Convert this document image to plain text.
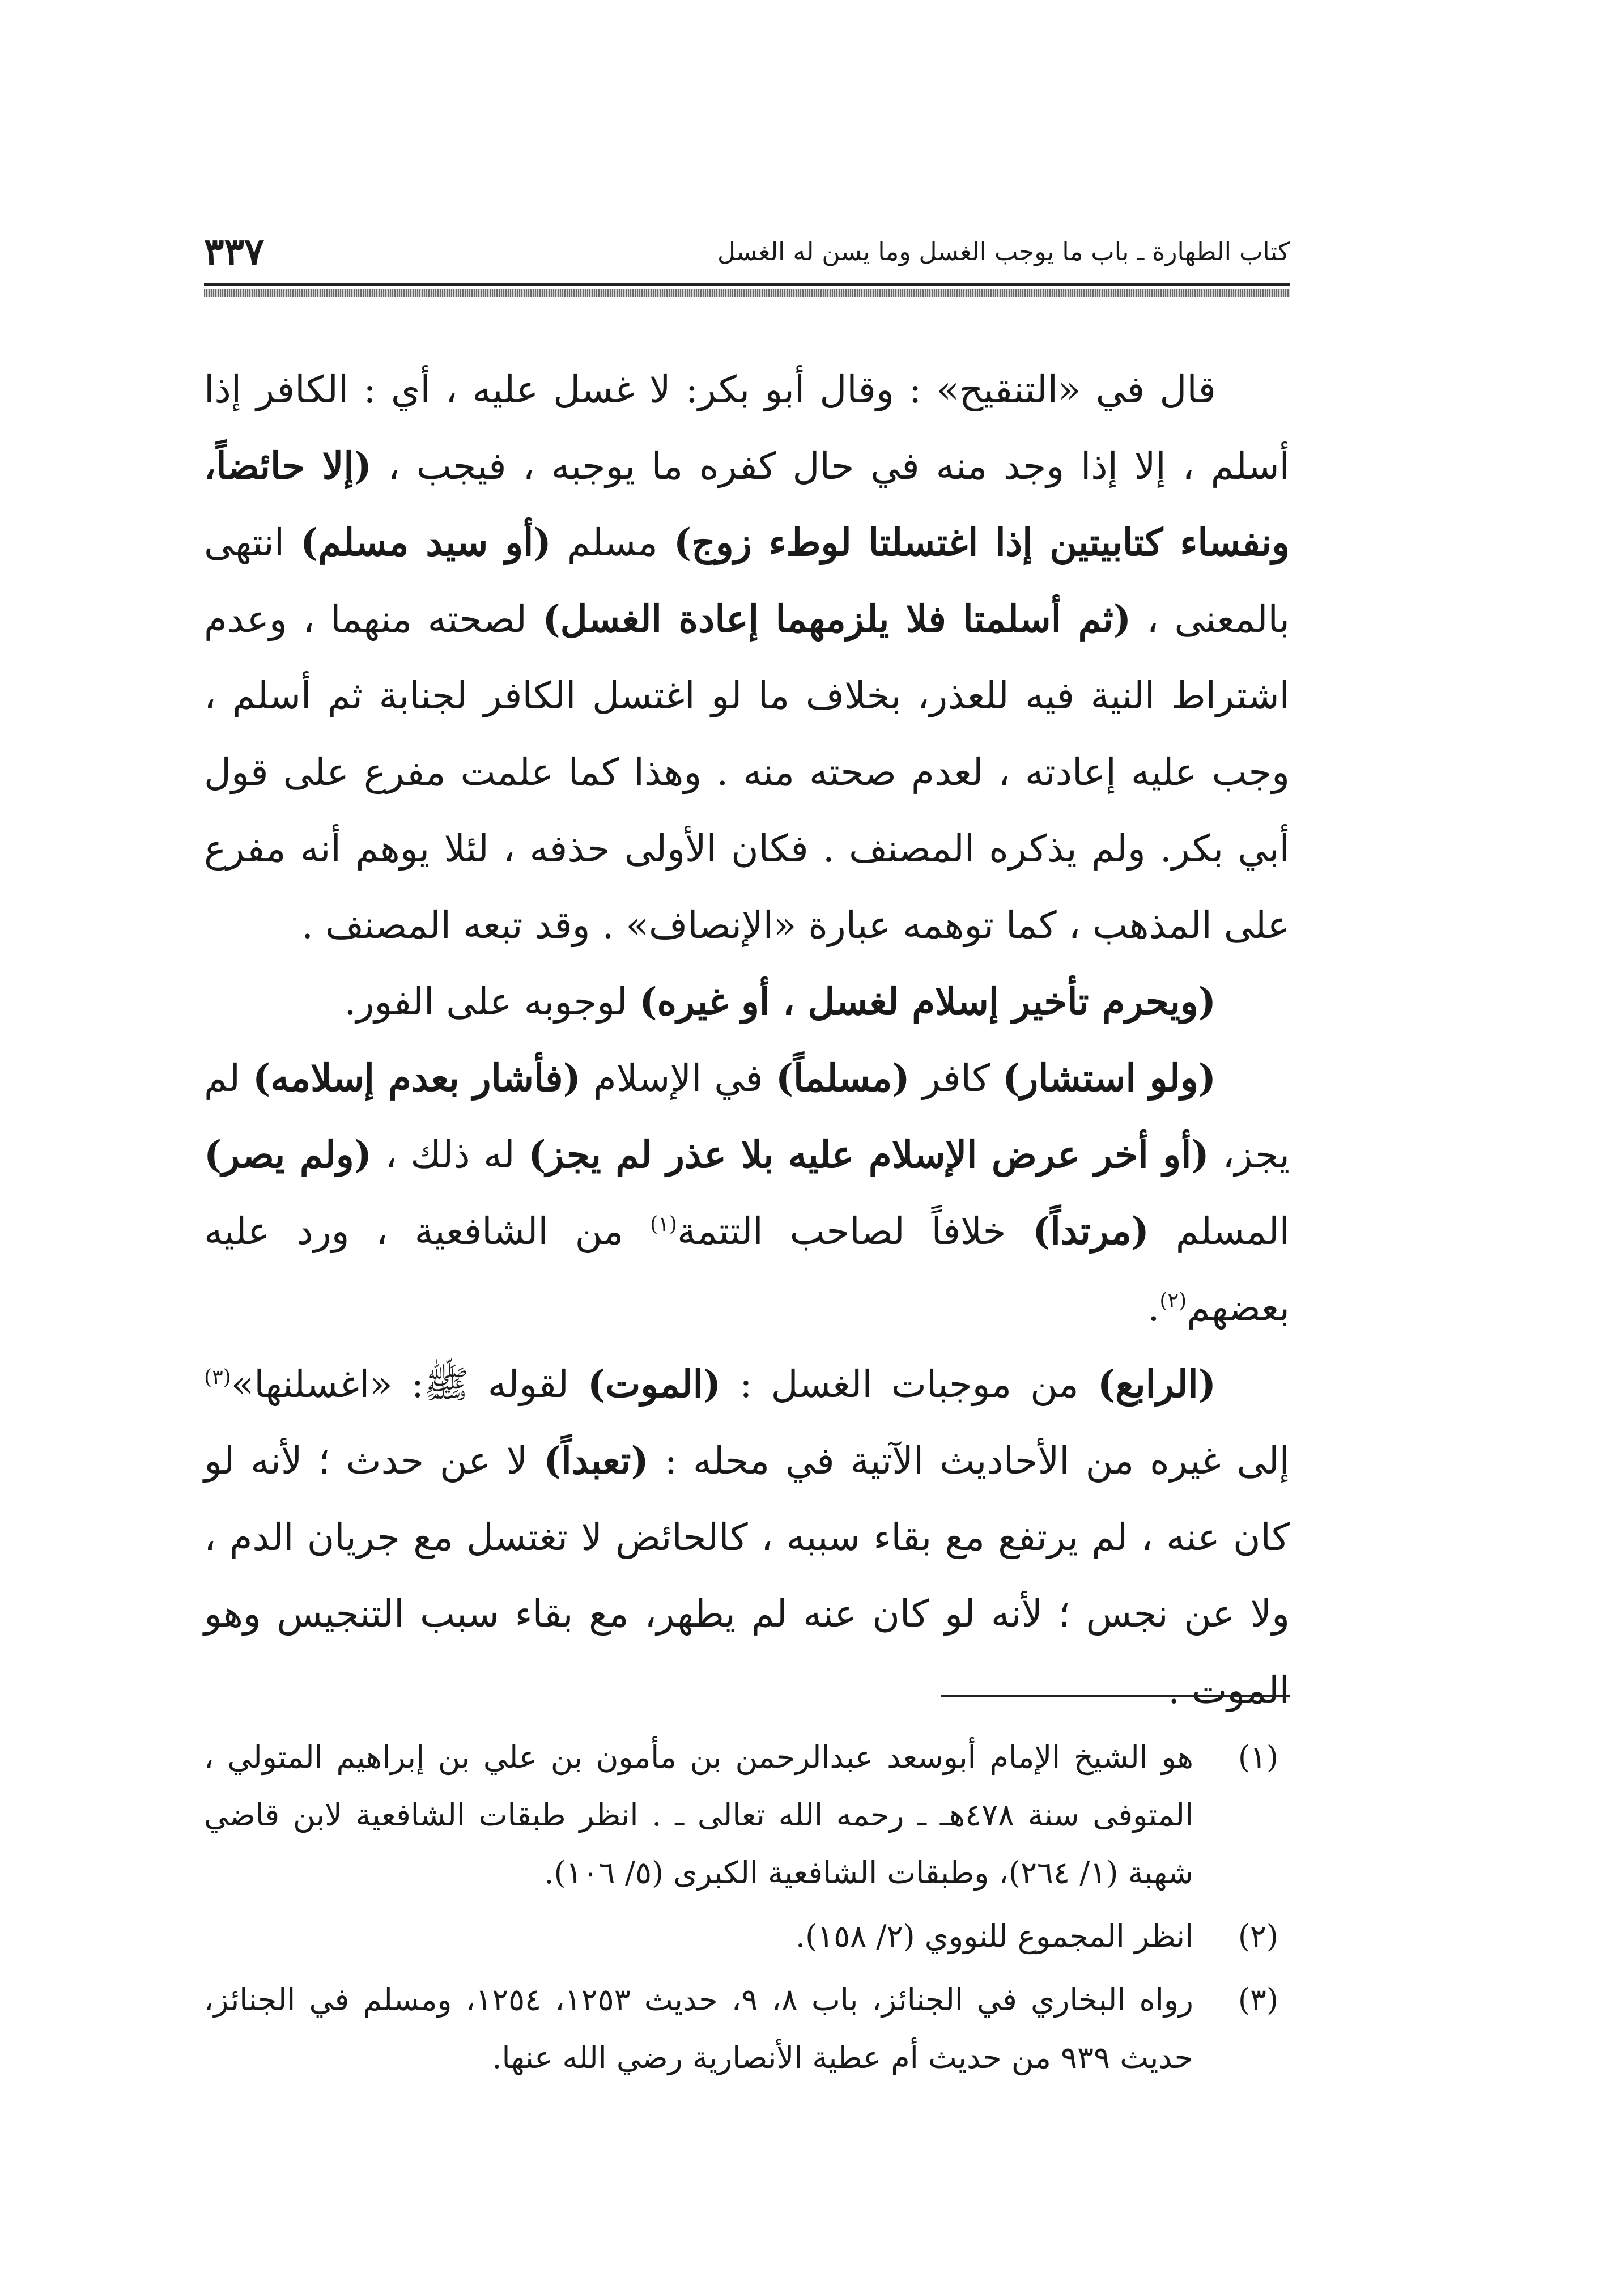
كتاب الطهارة ـ باب ما يوجب الغسل وما يسن له الغسل
٣٣٧

قال في «التنقيح» : وقال أبو بكر: لا غسل عليه ، أي : الكافر إذا أسلم ، إلا إذا وجد منه في حال كفره ما يوجبه ، فيجب ، (إلا حائضاً، ونفساء كتابيتين إذا اغتسلتا لوطء زوج) مسلم (أو سيد مسلم) انتهى بالمعنى ، (ثم أسلمتا فلا يلزمهما إعادة الغسل) لصحته منهما ، وعدم اشتراط النية فيه للعذر، بخلاف ما لو اغتسل الكافر لجنابة ثم أسلم ، وجب عليه إعادته ، لعدم صحته منه . وهذا كما علمت مفرع على قول أبي بكر. ولم يذكره المصنف . فكان الأولى حذفه ، لئلا يوهم أنه مفرع على المذهب ، كما توهمه عبارة «الإنصاف» . وقد تبعه المصنف .

(ويحرم تأخير إسلام لغسل ، أو غيره) لوجوبه على الفور.

(ولو استشار) كافر (مسلماً) في الإسلام (فأشار بعدم إسلامه) لم يجز، (أو أخر عرض الإسلام عليه بلا عذر لم يجز) له ذلك ، (ولم يصر) المسلم (مرتداً) خلافاً لصاحب التتمة$^{(١)}$ من الشافعية ، ورد عليه بعضهم$^{(٢)}$.

(الرابع) من موجبات الغسل : (الموت) لقوله ﷺ: «اغسلنها»$^{(٣)}$ إلى غيره من الأحاديث الآتية في محله : (تعبداً) لا عن حدث ؛ لأنه لو كان عنه ، لم يرتفع مع بقاء سببه ، كالحائض لا تغتسل مع جريان الدم ، ولا عن نجس ؛ لأنه لو كان عنه لم يطهر، مع بقاء سبب التنجيس وهو الموت .

(١)
هو الشيخ الإمام أبوسعد عبدالرحمن بن مأمون بن علي بن إبراهيم المتولي ، المتوفى سنة ٤٧٨هـ ـ رحمه الله تعالى ـ . انظر طبقات الشافعية لابن قاضي شهبة (١/ ٢٦٤)، وطبقات الشافعية الكبرى (٥/ ١٠٦).
(٢)
انظر المجموع للنووي (٢/ ١٥٨).
(٣)
رواه البخاري في الجنائز، باب ٨، ٩، حديث ١٢٥٣، ١٢٥٤، ومسلم في الجنائز، حديث ٩٣٩ من حديث أم عطية الأنصارية رضي الله عنها.
